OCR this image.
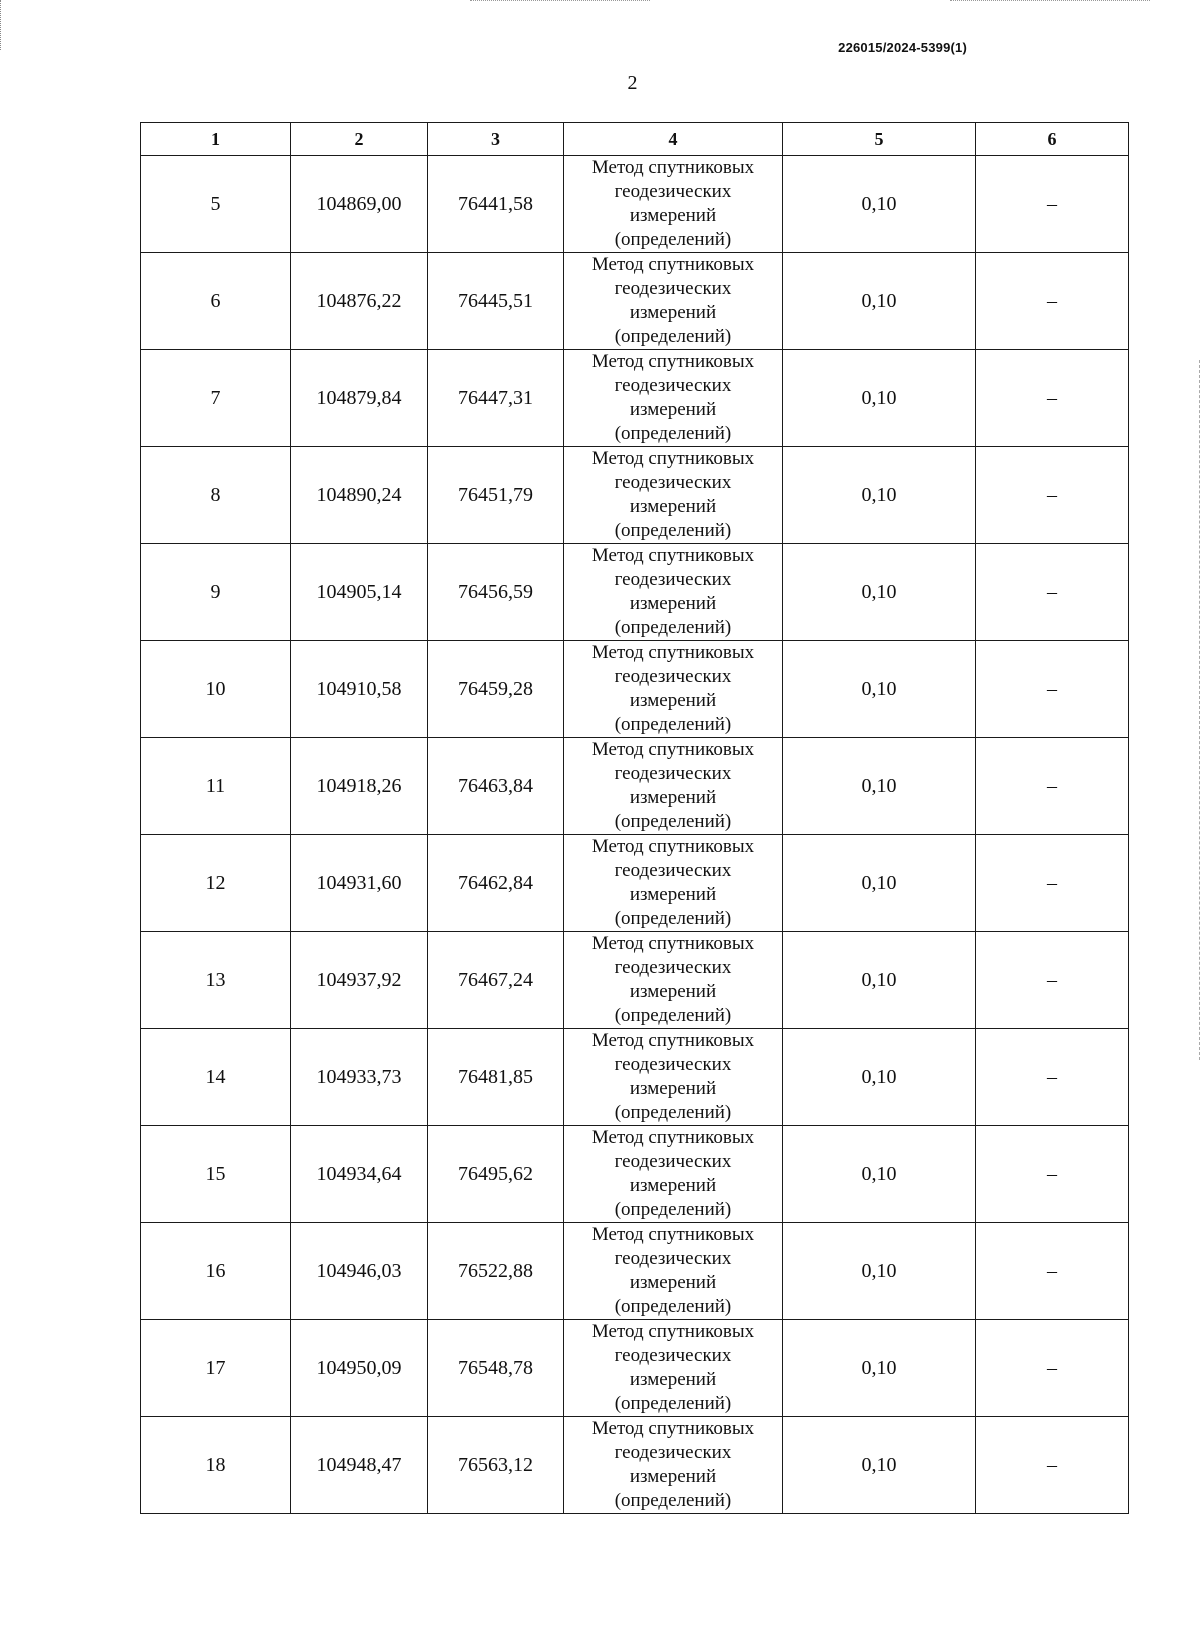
226015/2024-5399(1)
2
1	2	3	4	5	6
5	104869,00	76441,58	Метод спутниковых
геодезических
измерений
(определений)	0,10	–
6	104876,22	76445,51	Метод спутниковых
геодезических
измерений
(определений)	0,10	–
7	104879,84	76447,31	Метод спутниковых
геодезических
измерений
(определений)	0,10	–
8	104890,24	76451,79	Метод спутниковых
геодезических
измерений
(определений)	0,10	–
9	104905,14	76456,59	Метод спутниковых
геодезических
измерений
(определений)	0,10	–
10	104910,58	76459,28	Метод спутниковых
геодезических
измерений
(определений)	0,10	–
11	104918,26	76463,84	Метод спутниковых
геодезических
измерений
(определений)	0,10	–
12	104931,60	76462,84	Метод спутниковых
геодезических
измерений
(определений)	0,10	–
13	104937,92	76467,24	Метод спутниковых
геодезических
измерений
(определений)	0,10	–
14	104933,73	76481,85	Метод спутниковых
геодезических
измерений
(определений)	0,10	–
15	104934,64	76495,62	Метод спутниковых
геодезических
измерений
(определений)	0,10	–
16	104946,03	76522,88	Метод спутниковых
геодезических
измерений
(определений)	0,10	–
17	104950,09	76548,78	Метод спутниковых
геодезических
измерений
(определений)	0,10	–
18	104948,47	76563,12	Метод спутниковых
геодезических
измерений
(определений)	0,10	–
